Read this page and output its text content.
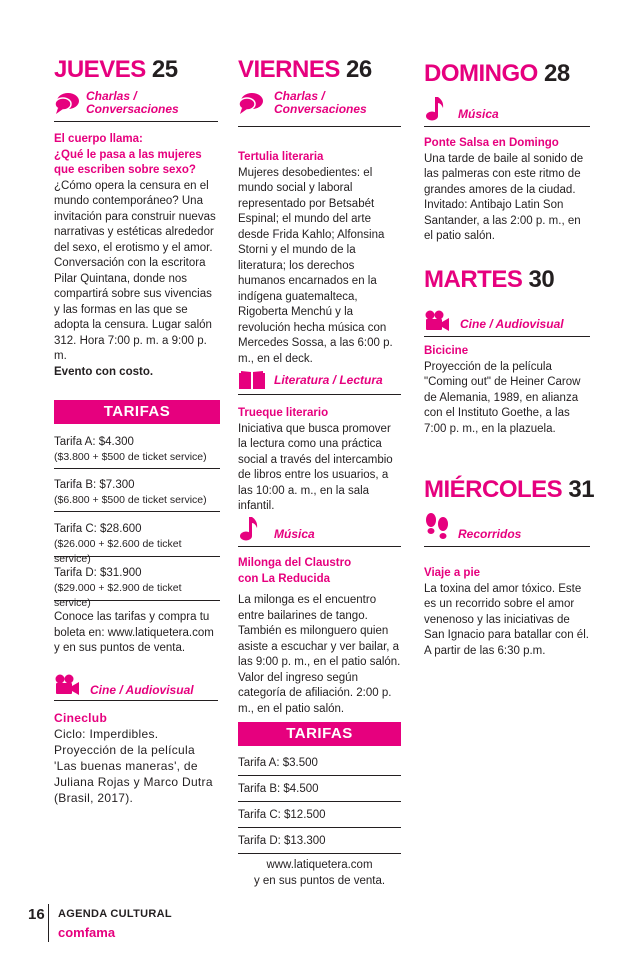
JUEVES 25
Charlas /
Conversaciones
El cuerpo llama:
¿Qué le pasa a las mujeres
que escriben sobre sexo?
¿Cómo opera la censura en el mundo contemporáneo? Una invitación para construir nuevas narrativas y estéticas alrededor del sexo, el erotismo y el amor. Conversación con la escritora Pilar Quintana, donde nos compartirá sobre sus vivencias y las formas en las que se adopta la censura. Lugar salón 312. Hora 7:00 p. m. a 9:00 p. m.
Evento con costo.
TARIFAS
Tarifa A: $4.300
($3.800 + $500 de ticket service)
Tarifa B: $7.300
($6.800 + $500 de ticket service)
Tarifa C: $28.600
($26.000 + $2.600 de ticket service)
Tarifa D: $31.900
($29.000 + $2.900 de ticket service)
Conoce las tarifas y compra tu boleta en: www.latiquetera.com y en sus puntos de venta.
Cine / Audiovisual
Cineclub
Ciclo: Imperdibles. Proyección de la película 'Las buenas maneras', de Juliana Rojas y Marco Dutra (Brasil, 2017).
VIERNES 26
Charlas /
Conversaciones
Tertulia literaria
Mujeres desobedientes: el mundo social y laboral representado por Betsabét Espinal; el mundo del arte desde Frida Kahlo; Alfonsina Storni y el mundo de la literatura; los derechos humanos encarnados en la indígena guatemalteca, Rigoberta Menchú y la revolución hecha música con Mercedes Sossa, a las 6:00 p. m., en el deck.
Literatura / Lectura
Trueque literario
Iniciativa que busca promover la lectura como una práctica social a través del intercambio de libros entre los usuarios, a las 10:00 a. m., en la sala infantil.
Música
Milonga del Claustro
con La Reducida
La milonga es el encuentro entre bailarines de tango. También es milonguero quien asiste a escuchar y ver bailar, a las 9:00 p. m., en el patio salón. Valor del ingreso según categoría de afiliación. 2:00 p. m., en el patio salón.
TARIFAS
Tarifa A: $3.500
Tarifa B: $4.500
Tarifa C: $12.500
Tarifa D: $13.300
www.latiquetera.com
y en sus puntos de venta.
DOMINGO 28
Música
Ponte Salsa en Domingo
Una tarde de baile al sonido de las palmeras con este ritmo de grandes amores de la ciudad. Invitado: Antibajo Latin Son Santander, a las 2:00 p. m., en el patio salón.
MARTES 30
Cine / Audiovisual
Bicicine
Proyección de la película "Coming out" de Heiner Carow de Alemania, 1989, en alianza con el Instituto Goethe, a las 7:00 p. m., en la plazuela.
MIÉRCOLES 31
Recorridos
Viaje a pie
La toxina del amor tóxico. Este es un recorrido sobre el amor venenoso y las iniciativas de San Ignacio para batallar con él. A partir de las 6:30 p.m.
16 AGENDA CULTURAL
comfama
